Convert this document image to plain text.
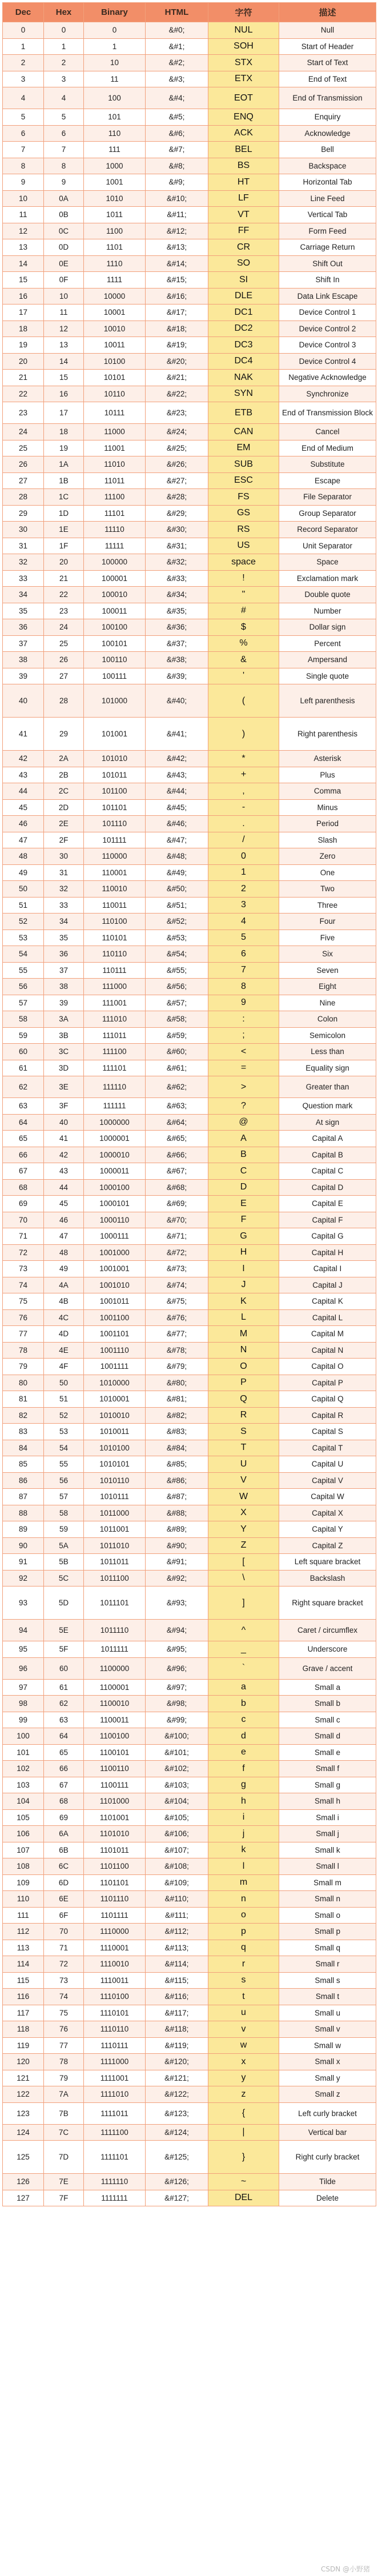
Dec	Hex	Binary	HTML	字符	描述
0	0	0	&#0;	NUL	Null
1	1	1	&#1;	SOH	Start of Header
2	2	10	&#2;	STX	Start of Text
3	3	11	&#3;	ETX	End of Text
4	4	100	&#4;	EOT	End of Transmission
5	5	101	&#5;	ENQ	Enquiry
6	6	110	&#6;	ACK	Acknowledge
7	7	111	&#7;	BEL	Bell
8	8	1000	&#8;	BS	Backspace
9	9	1001	&#9;	HT	Horizontal Tab
10	0A	1010	&#10;	LF	Line Feed
11	0B	1011	&#11;	VT	Vertical Tab
12	0C	1100	&#12;	FF	Form Feed
13	0D	1101	&#13;	CR	Carriage Return
14	0E	1110	&#14;	SO	Shift Out
15	0F	1111	&#15;	SI	Shift In
16	10	10000	&#16;	DLE	Data Link Escape
17	11	10001	&#17;	DC1	Device Control 1
18	12	10010	&#18;	DC2	Device Control 2
19	13	10011	&#19;	DC3	Device Control 3
20	14	10100	&#20;	DC4	Device Control 4
21	15	10101	&#21;	NAK	Negative Acknowledge
22	16	10110	&#22;	SYN	Synchronize
23	17	10111	&#23;	ETB	End of Transmission Block
24	18	11000	&#24;	CAN	Cancel
25	19	11001	&#25;	EM	End of Medium
26	1A	11010	&#26;	SUB	Substitute
27	1B	11011	&#27;	ESC	Escape
28	1C	11100	&#28;	FS	File Separator
29	1D	11101	&#29;	GS	Group Separator
30	1E	11110	&#30;	RS	Record Separator
31	1F	11111	&#31;	US	Unit Separator
32	20	100000	&#32;	space	Space
33	21	100001	&#33;	!	Exclamation mark
34	22	100010	&#34;	"	Double quote
35	23	100011	&#35;	#	Number
36	24	100100	&#36;	$	Dollar sign
37	25	100101	&#37;	%	Percent
38	26	100110	&#38;	&	Ampersand
39	27	100111	&#39;	'	Single quote
40	28	101000	&#40;	(	Left parenthesis
41	29	101001	&#41;	)	Right parenthesis
42	2A	101010	&#42;	*	Asterisk
43	2B	101011	&#43;	+	Plus
44	2C	101100	&#44;	,	Comma
45	2D	101101	&#45;	-	Minus
46	2E	101110	&#46;	.	Period
47	2F	101111	&#47;	/	Slash
48	30	110000	&#48;	0	Zero
49	31	110001	&#49;	1	One
50	32	110010	&#50;	2	Two
51	33	110011	&#51;	3	Three
52	34	110100	&#52;	4	Four
53	35	110101	&#53;	5	Five
54	36	110110	&#54;	6	Six
55	37	110111	&#55;	7	Seven
56	38	111000	&#56;	8	Eight
57	39	111001	&#57;	9	Nine
58	3A	111010	&#58;	:	Colon
59	3B	111011	&#59;	;	Semicolon
60	3C	111100	&#60;	<	Less than
61	3D	111101	&#61;	=	Equality sign
62	3E	111110	&#62;	>	Greater than
63	3F	111111	&#63;	?	Question mark
64	40	1000000	&#64;	@	At sign
65	41	1000001	&#65;	A	Capital A
66	42	1000010	&#66;	B	Capital B
67	43	1000011	&#67;	C	Capital C
68	44	1000100	&#68;	D	Capital D
69	45	1000101	&#69;	E	Capital E
70	46	1000110	&#70;	F	Capital F
71	47	1000111	&#71;	G	Capital G
72	48	1001000	&#72;	H	Capital H
73	49	1001001	&#73;	I	Capital I
74	4A	1001010	&#74;	J	Capital J
75	4B	1001011	&#75;	K	Capital K
76	4C	1001100	&#76;	L	Capital L
77	4D	1001101	&#77;	M	Capital M
78	4E	1001110	&#78;	N	Capital N
79	4F	1001111	&#79;	O	Capital O
80	50	1010000	&#80;	P	Capital P
81	51	1010001	&#81;	Q	Capital Q
82	52	1010010	&#82;	R	Capital R
83	53	1010011	&#83;	S	Capital S
84	54	1010100	&#84;	T	Capital T
85	55	1010101	&#85;	U	Capital U
86	56	1010110	&#86;	V	Capital V
87	57	1010111	&#87;	W	Capital W
88	58	1011000	&#88;	X	Capital X
89	59	1011001	&#89;	Y	Capital Y
90	5A	1011010	&#90;	Z	Capital Z
91	5B	1011011	&#91;	[	Left square bracket
92	5C	1011100	&#92;	\	Backslash
93	5D	1011101	&#93;	]	Right square bracket
94	5E	1011110	&#94;	^	Caret / circumflex
95	5F	1011111	&#95;	_	Underscore
96	60	1100000	&#96;	`	Grave / accent
97	61	1100001	&#97;	a	Small a
98	62	1100010	&#98;	b	Small b
99	63	1100011	&#99;	c	Small c
100	64	1100100	&#100;	d	Small d
101	65	1100101	&#101;	e	Small e
102	66	1100110	&#102;	f	Small f
103	67	1100111	&#103;	g	Small g
104	68	1101000	&#104;	h	Small h
105	69	1101001	&#105;	i	Small i
106	6A	1101010	&#106;	j	Small j
107	6B	1101011	&#107;	k	Small k
108	6C	1101100	&#108;	l	Small l
109	6D	1101101	&#109;	m	Small m
110	6E	1101110	&#110;	n	Small n
111	6F	1101111	&#111;	o	Small o
112	70	1110000	&#112;	p	Small p
113	71	1110001	&#113;	q	Small q
114	72	1110010	&#114;	r	Small r
115	73	1110011	&#115;	s	Small s
116	74	1110100	&#116;	t	Small t
117	75	1110101	&#117;	u	Small u
118	76	1110110	&#118;	v	Small v
119	77	1110111	&#119;	w	Small w
120	78	1111000	&#120;	x	Small x
121	79	1111001	&#121;	y	Small y
122	7A	1111010	&#122;	z	Small z
123	7B	1111011	&#123;	{	Left curly bracket
124	7C	1111100	&#124;	|	Vertical bar
125	7D	1111101	&#125;	}	Right curly bracket
126	7E	1111110	&#126;	~	Tilde
127	7F	1111111	&#127;	DEL	Delete
CSDN @小野猪
